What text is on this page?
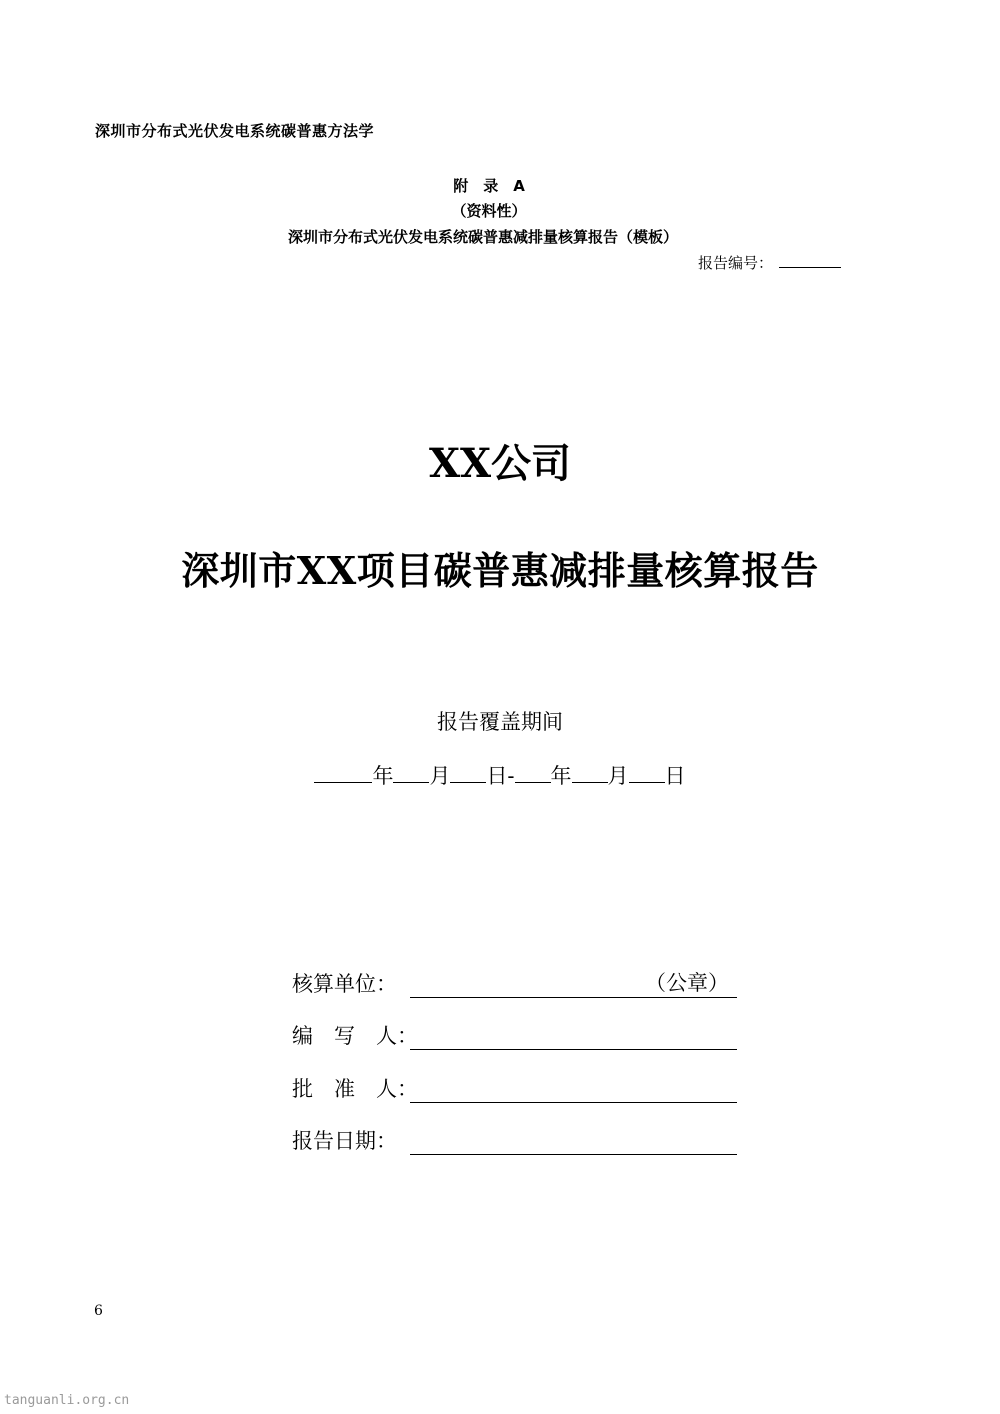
深圳市分布式光伏发电系统碳普惠方法学
附　录　A
（资料性）
深圳市分布式光伏发电系统碳普惠减排量核算报告（模板）
报告编号：
XX公司
深圳市XX项目碳普惠减排量核算报告
报告覆盖期间
年 月 日- 年 月 日
核算单位：	（公章）
编　写　人：
批　准　人：
报告日期：
6
tanguanli.org.cn
